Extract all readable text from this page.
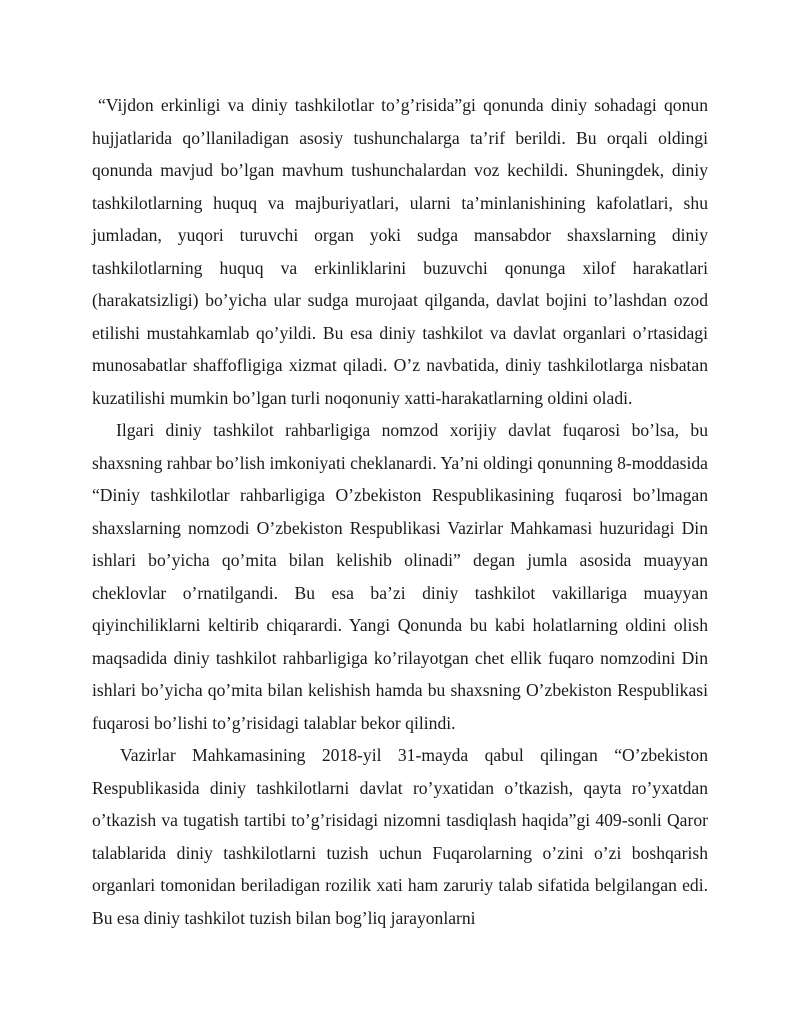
“Vijdon erkinligi va diniy tashkilotlar to’g’risida”gi qonunda diniy sohadagi qonun hujjatlarida qo’llaniladigan asosiy tushunchalarga ta’rif berildi. Bu orqali oldingi qonunda mavjud bo’lgan mavhum tushunchalardan voz kechildi. Shuningdek, diniy tashkilotlarning huquq va majburiyatlari, ularni ta’minlanishining kafolatlari, shu jumladan, yuqori turuvchi organ yoki sudga mansabdor shaxslarning diniy tashkilotlarning huquq va erkinliklarini buzuvchi qonunga xilof harakatlari (harakatsizligi) bo’yicha ular sudga murojaat qilganda, davlat bojini to’lashdan ozod etilishi mustahkamlab qo’yildi. Bu esa diniy tashkilot va davlat organlari o’rtasidagi munosabatlar shaffofligiga xizmat qiladi. O’z navbatida, diniy tashkilotlarga nisbatan kuzatilishi mumkin bo’lgan turli noqonuniy xatti-harakatlarning oldini oladi.

Ilgari diniy tashkilot rahbarligiga nomzod xorijiy davlat fuqarosi bo’lsa, bu shaxsning rahbar bo’lish imkoniyati cheklanardi. Ya’ni oldingi qonunning 8-moddasida “Diniy tashkilotlar rahbarligiga O’zbekiston Respublikasining fuqarosi bo’lmagan shaxslarning nomzodi O’zbekiston Respublikasi Vazirlar Mahkamasi huzuridagi Din ishlari bo’yicha qo’mita bilan kelishib olinadi” degan jumla asosida muayyan cheklovlar o’rnatilgandi. Bu esa ba’zi diniy tashkilot vakillariga muayyan qiyinchiliklarni keltirib chiqarardi. Yangi Qonunda bu kabi holatlarning oldini olish maqsadida diniy tashkilot rahbarligiga ko’rilayotgan chet ellik fuqaro nomzodini Din ishlari bo’yicha qo’mita bilan kelishish hamda bu shaxsning O’zbekiston Respublikasi fuqarosi bo’lishi to’g’risidagi talablar bekor qilindi.

Vazirlar Mahkamasining 2018-yil 31-mayda qabul qilingan “O’zbekiston Respublikasida diniy tashkilotlarni davlat ro’yxatidan o’tkazish, qayta ro’yxatdan o’tkazish va tugatish tartibi to’g’risidagi nizomni tasdiqlash haqida”gi 409-sonli Qaror talablarida diniy tashkilotlarni tuzish uchun Fuqarolarning o’zini o’zi boshqarish organlari tomonidan beriladigan rozilik xati ham zaruriy talab sifatida belgilangan edi. Bu esa diniy tashkilot tuzish bilan bog’liq jarayonlarni
